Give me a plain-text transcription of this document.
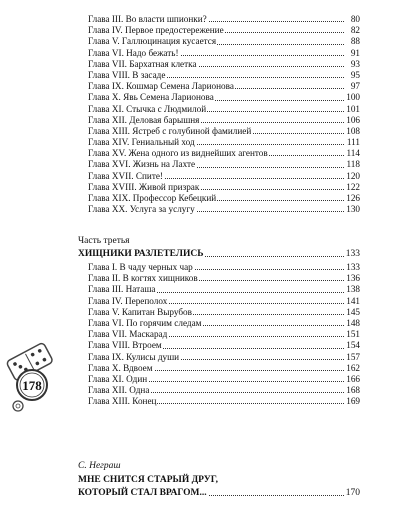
Глава III. Во власти шпионки?	80
Глава IV. Первое предостережение	82
Глава V. Галлюцинация кусается	88
Глава VI. Надо бежать!	91
Глава VII. Бархатная клетка	93
Глава VIII. В засаде	95
Глава IX. Кошмар Семена Ларионова	97
Глава X. Явь Семена Ларионова	100
Глава XI. Стычка с Людмилой	101
Глава XII. Деловая барышня	106
Глава XIII. Ястреб с голубиной фамилией	108
Глава XIV. Гениальный ход	111
Глава XV. Жена одного из виднейших агентов	114
Глава XVI. Жизнь на Лахте	118
Глава XVII. Спите!	120
Глава XVIII. Живой призрак	122
Глава XIX. Профессор Кебецкий	126
Глава XX. Услуга за услугу	130
Часть третья
ХИЩНИКИ РАЗЛЕТЕЛИСЬ	133
Глава I. В чаду черных чар	133
Глава II. В когтях хищников	136
Глава III. Наташа	138
Глава IV. Переполох	141
Глава V. Капитан Вырубов	145
Глава VI. По горячим следам	148
Глава VII. Маскарад	151
Глава VIII. Втроем	154
Глава IX. Кулисы души	157
Глава X. Вдвоем	162
Глава XI. Один	166
Глава XII. Одна	168
Глава XIII. Конец	169
С. Неграш
МНЕ СНИТСЯ СТАРЫЙ ДРУГ,
КОТОРЫЙ СТАЛ ВРАГОМ...	170
178
